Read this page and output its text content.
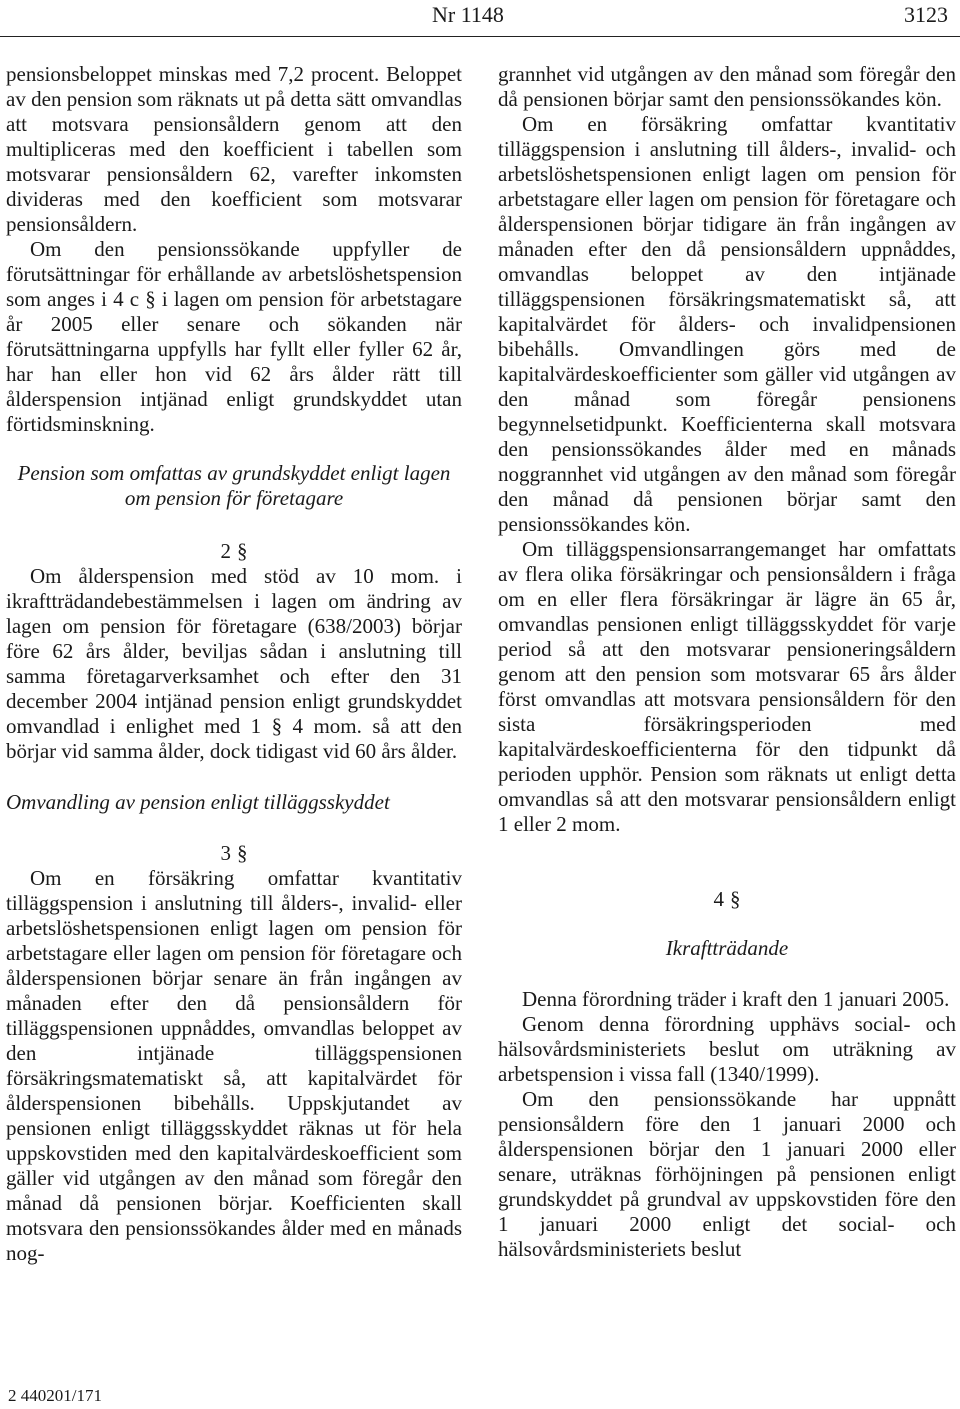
Nr 1148	3123

pensionsbeloppet minskas med 7,2 procent. Beloppet av den pension som räknats ut på detta sätt omvandlas att motsvara pensionsåldern genom att den multipliceras med den koefficient i tabellen som motsvarar pensionsåldern 62, varefter inkomsten divideras med den koefficient som motsvarar pensionsåldern.

Om den pensionssökande uppfyller de förutsättningar för erhållande av arbetslöshetspension som anges i 4 c § i lagen om pension för arbetstagare år 2005 eller senare och sökanden när förutsättningarna uppfylls har fyllt eller fyller 62 år, har han eller hon vid 62 års ålder rätt till ålderspension intjänad enligt grundskyddet utan förtidsminskning.

Pension som omfattas av grundskyddet enligt lagen om pension för företagare

2 §

Om ålderspension med stöd av 10 mom. i ikraftträdandebestämmelsen i lagen om ändring av lagen om pension för företagare (638/2003) börjar före 62 års ålder, beviljas sådan i anslutning till samma företagarverksamhet och efter den 31 december 2004 intjänad pension enligt grundskyddet omvandlad i enlighet med 1 § 4 mom. så att den börjar vid samma ålder, dock tidigast vid 60 års ålder.

Omvandling av pension enligt tilläggsskyddet

3 §

Om en försäkring omfattar kvantitativ tilläggspension i anslutning till ålders-, invalid- eller arbetslöshetspensionen enligt lagen om pension för arbetstagare eller lagen om pension för företagare och ålderspensionen börjar senare än från ingången av månaden efter den då pensionsåldern för tilläggspensionen uppnåddes, omvandlas beloppet av den intjänade tilläggspensionen försäkringsmatematiskt så, att kapitalvärdet för ålderspensionen bibehålls. Uppskjutandet av pensionen enligt tilläggsskyddet räknas ut för hela uppskovstiden med den kapitalvärdeskoefficient som gäller vid utgången av den månad som föregår den månad då pensionen börjar. Koefficienten skall motsvara den pensionssökandes ålder med en månads nog-

grannhet vid utgången av den månad som föregår den då pensionen börjar samt den pensionssökandes kön.

Om en försäkring omfattar kvantitativ tilläggspension i anslutning till ålders-, invalid- och arbetslöshetspensionen enligt lagen om pension för arbetstagare eller lagen om pension för företagare och ålderspensionen börjar tidigare än från ingången av månaden efter den då pensionsåldern uppnåddes, omvandlas beloppet av den intjänade tilläggspensionen försäkringsmatematiskt så, att kapitalvärdet för ålders- och invalidpensionen bibehålls. Omvandlingen görs med de kapitalvärdeskoefficienter som gäller vid utgången av den månad som föregår pensionens begynnelsetidpunkt. Koefficienterna skall motsvara den pensionssökandes ålder med en månads noggrannhet vid utgången av den månad som föregår den månad då pensionen börjar samt den pensionssökandes kön.

Om tilläggspensionsarrangemanget har omfattats av flera olika försäkringar och pensionsåldern i fråga om en eller flera försäkringar är lägre än 65 år, omvandlas pensionen enligt tilläggsskyddet för varje period så att den motsvarar pensioneringsåldern genom att den pension som motsvarar 65 års ålder först omvandlas att motsvara pensionsåldern för den sista försäkringsperioden med kapitalvärdeskoefficienterna för den tidpunkt då perioden upphör. Pension som räknats ut enligt detta omvandlas så att den motsvarar pensionsåldern enligt 1 eller 2 mom.

4 §

Ikraftträdande

Denna förordning träder i kraft den 1 januari 2005.

Genom denna förordning upphävs social- och hälsovårdsministeriets beslut om uträkning av arbetspension i vissa fall (1340/1999).

Om den pensionssökande har uppnått pensionsåldern före den 1 januari 2000 och ålderspensionen börjar den 1 januari 2000 eller senare, uträknas förhöjningen på pensionen enligt grundskyddet på grundval av uppskovstiden före den 1 januari 2000 enligt det social- och hälsovårdsministeriets beslut

2 440201/171
